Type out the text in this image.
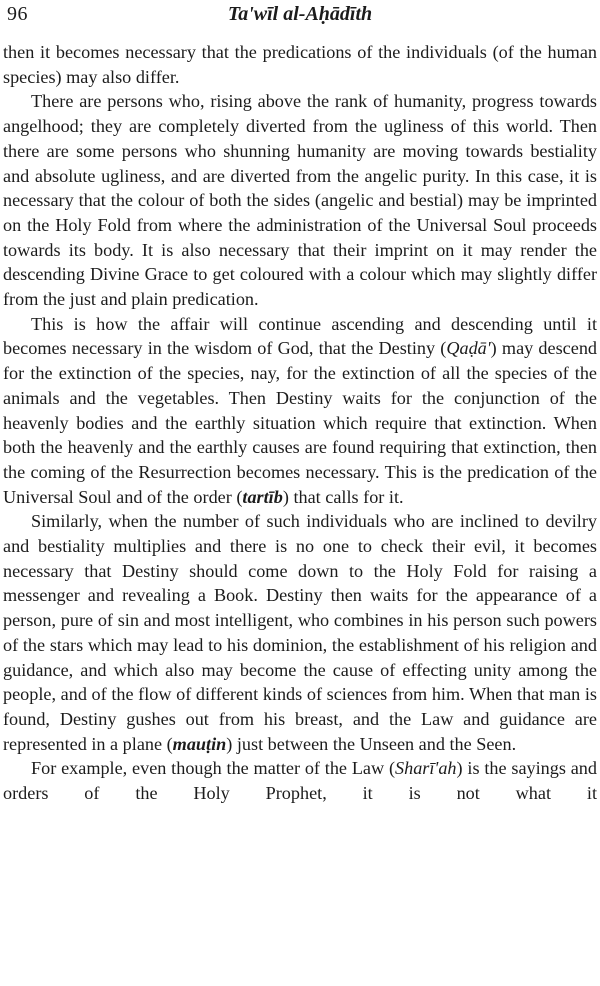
96	Ta'wīl al-Aḥādīth

then it becomes necessary that the predications of the individuals (of the human species) may also differ.

There are persons who, rising above the rank of humanity, progress towards angelhood; they are completely diverted from the ugliness of this world. Then there are some persons who shunning humanity are moving towards bestiality and absolute ugliness, and are diverted from the angelic purity. In this case, it is necessary that the colour of both the sides (angelic and bestial) may be imprinted on the Holy Fold from where the administration of the Universal Soul proceeds towards its body. It is also necessary that their imprint on it may render the descending Divine Grace to get coloured with a colour which may slightly differ from the just and plain predication.

This is how the affair will continue ascending and descending until it becomes necessary in the wisdom of God, that the Destiny (Qaḍā') may descend for the extinction of the species, nay, for the extinction of all the species of the animals and the vegetables. Then Destiny waits for the conjunction of the heavenly bodies and the earthly situation which require that extinction. When both the heavenly and the earthly causes are found requiring that extinction, then the coming of the Resurrection becomes necessary. This is the predication of the Universal Soul and of the order (tartīb) that calls for it.

Similarly, when the number of such individuals who are inclined to devilry and bestiality multiplies and there is no one to check their evil, it becomes necessary that Destiny should come down to the Holy Fold for raising a messenger and revealing a Book. Destiny then waits for the appearance of a person, pure of sin and most intelligent, who combines in his person such powers of the stars which may lead to his dominion, the establishment of his religion and guidance, and which also may become the cause of effecting unity among the people, and of the flow of different kinds of sciences from him. When that man is found, Destiny gushes out from his breast, and the Law and guidance are represented in a plane (mauṭin) just between the Unseen and the Seen.

For example, even though the matter of the Law (Sharī'ah) is the sayings and orders of the Holy Prophet, it is not what it
